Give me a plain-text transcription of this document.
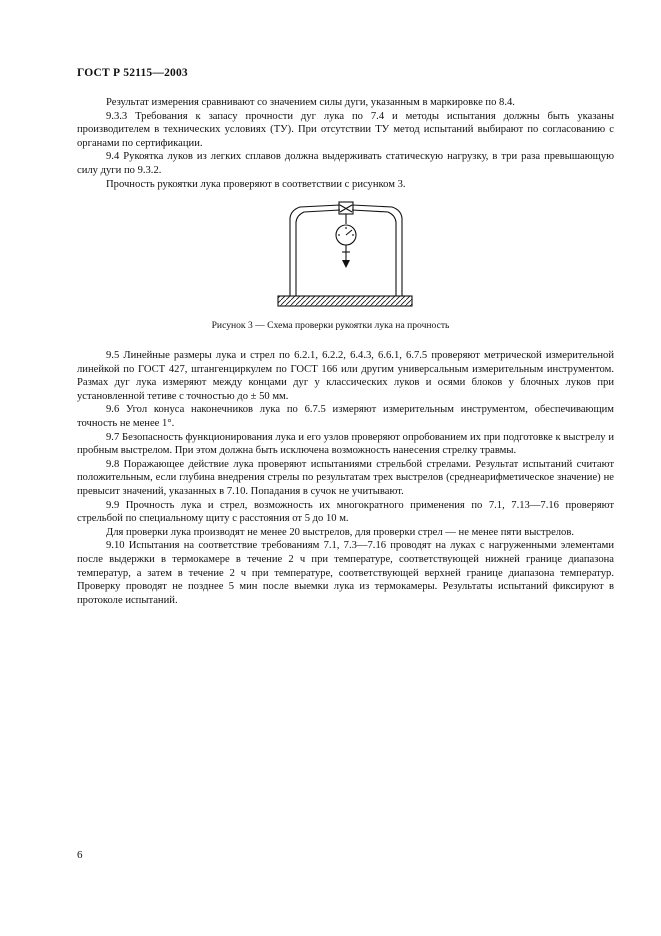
ГОСТ Р 52115—2003

Результат измерения сравнивают со значением силы дуги, указанным в маркировке по 8.4.

9.3.3 Требования к запасу прочности дуг лука по 7.4 и методы испытания должны быть указаны производителем в технических условиях (ТУ). При отсутствии ТУ метод испытаний выбирают по согласованию с органами по сертификации.

9.4 Рукоятка луков из легких сплавов должна выдерживать статическую нагрузку, в три раза превышающую силу дуги по 9.3.2.

Прочность рукоятки лука проверяют в соответствии с рисунком 3.

Рисунок 3 — Схема проверки рукоятки лука на прочность

9.5 Линейные размеры лука и стрел по 6.2.1, 6.2.2, 6.4.3, 6.6.1, 6.7.5 проверяют метрической измерительной линейкой по ГОСТ 427, штангенциркулем по ГОСТ 166 или другим универсальным измерительным инструментом. Размах дуг лука измеряют между концами дуг у классических луков и осями блоков у блочных луков при установленной тетиве с точностью до ± 50 мм.

9.6 Угол конуса наконечников лука по 6.7.5 измеряют измерительным инструментом, обеспечивающим точность не менее 1°.

9.7 Безопасность функционирования лука и его узлов проверяют опробованием их при подготовке к выстрелу и пробным выстрелом. При этом должна быть исключена возможность нанесения стрелку травмы.

9.8 Поражающее действие лука проверяют испытаниями стрельбой стрелами. Результат испытаний считают положительным, если глубина внедрения стрелы по результатам трех выстрелов (среднеарифметическое значение) не превысит значений, указанных в 7.10. Попадания в сучок не учитывают.

9.9 Прочность лука и стрел, возможность их многократного применения по 7.1, 7.13—7.16 проверяют стрельбой по специальному щиту с расстояния от 5 до 10 м.

Для проверки лука производят не менее 20 выстрелов, для проверки стрел — не менее пяти выстрелов.

9.10 Испытания на соответствие требованиям 7.1, 7.3—7.16 проводят на луках с нагруженными элементами после выдержки в термокамере в течение 2 ч при температуре, соответствующей нижней границе диапазона температур, а затем в течение 2 ч при температуре, соответствующей верхней границе диапазона температур. Проверку проводят не позднее 5 мин после выемки лука из термокамеры. Результаты испытаний фиксируют в протоколе испытаний.

6
